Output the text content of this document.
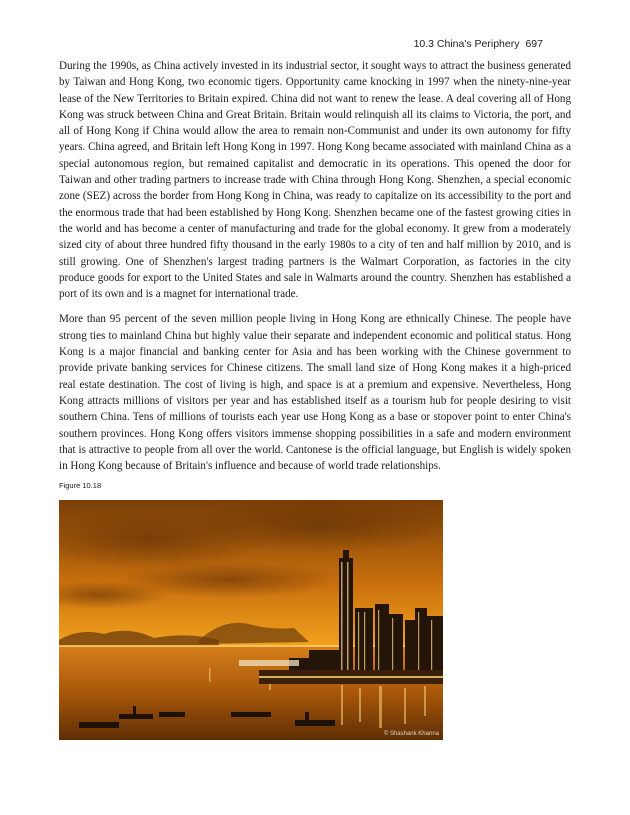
10.3 China's Periphery 697

During the 1990s, as China actively invested in its industrial sector, it sought ways to attract the business generated by Taiwan and Hong Kong, two economic tigers. Opportunity came knocking in 1997 when the ninety-nine-year lease of the New Territories to Britain expired. China did not want to renew the lease. A deal covering all of Hong Kong was struck between China and Great Britain. Britain would relinquish all its claims to Victoria, the port, and all of Hong Kong if China would allow the area to remain non-Communist and under its own autonomy for fifty years. China agreed, and Britain left Hong Kong in 1997. Hong Kong became associated with mainland China as a special autonomous region, but remained capitalist and democratic in its operations. This opened the door for Taiwan and other trading partners to increase trade with China through Hong Kong. Shenzhen, a special economic zone (SEZ) across the border from Hong Kong in China, was ready to capitalize on its accessibility to the port and the enormous trade that had been established by Hong Kong. Shenzhen became one of the fastest growing cities in the world and has become a center of manufacturing and trade for the global economy. It grew from a moderately sized city of about three hundred fifty thousand in the early 1980s to a city of ten and half million by 2010, and is still growing. One of Shenzhen's largest trading partners is the Walmart Corporation, as factories in the city produce goods for export to the United States and sale in Walmarts around the country. Shenzhen has established a port of its own and is a magnet for international trade.

More than 95 percent of the seven million people living in Hong Kong are ethnically Chinese. The people have strong ties to mainland China but highly value their separate and independent economic and political status. Hong Kong is a major financial and banking center for Asia and has been working with the Chinese government to provide private banking services for Chinese citizens. The small land size of Hong Kong makes it a high-priced real estate destination. The cost of living is high, and space is at a premium and expensive. Nevertheless, Hong Kong attracts millions of visitors per year and has established itself as a tourism hub for people desiring to visit southern China. Tens of millions of tourists each year use Hong Kong as a base or stopover point to enter China's southern provinces. Hong Kong offers visitors immense shopping possibilities in a safe and modern environment that is attractive to people from all over the world. Cantonese is the official language, but English is widely spoken in Hong Kong because of Britain's influence and because of world trade relationships.

Figure 10.18
© Shashank Khanna
